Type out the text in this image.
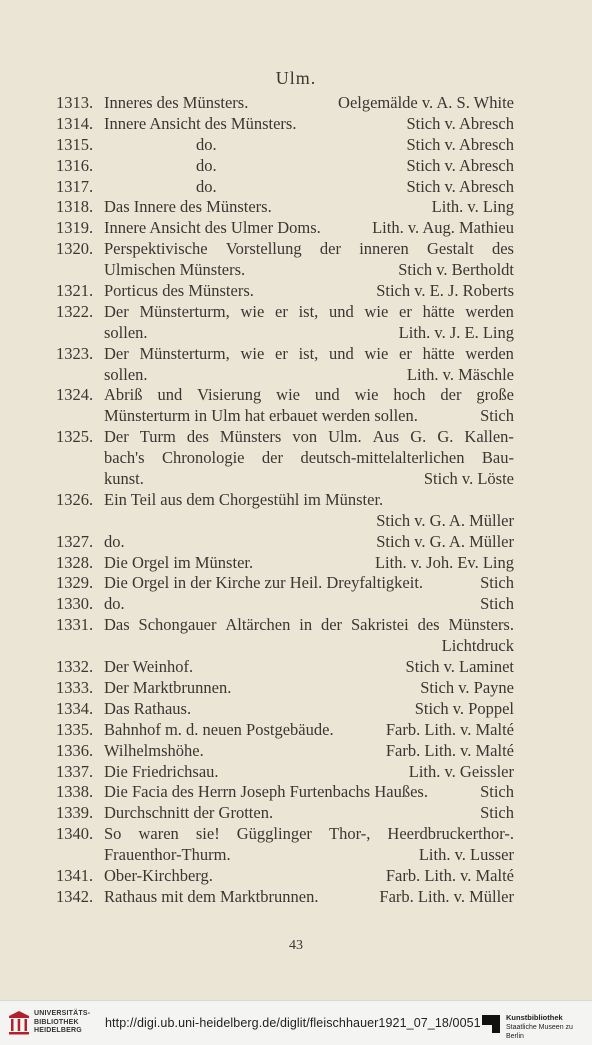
Ulm.
1313. Inneres des Münsters.	Oelgemälde v. A. S. White
1314. Innere Ansicht des Münsters.	Stich v. Abresch
1315.	do.	Stich v. Abresch
1316.	do.	Stich v. Abresch
1317.	do.	Stich v. Abresch
1318. Das Innere des Münsters.	Lith. v. Ling
1319. Innere Ansicht des Ulmer Doms.	Lith. v. Aug. Mathieu
1320. Perspektivische Vorstellung der inneren Gestalt des
Ulmischen Münsters.	Stich v. Bertholdt
1321. Porticus des Münsters.	Stich v. E. J. Roberts
1322. Der Münsterturm, wie er ist, und wie er hätte werden
sollen.	Lith. v. J. E. Ling
1323. Der Münsterturm, wie er ist, und wie er hätte werden
sollen.	Lith. v. Mäschle
1324. Abriß und Visierung wie und wie hoch der große
Münsterturm in Ulm hat erbauet werden sollen.	Stich
1325. Der Turm des Münsters von Ulm. Aus G. G. Kallen-
bach's Chronologie der deutsch-mittelalterlichen Bau-
kunst.	Stich v. Löste
1326. Ein Teil aus dem Chorgestühl im Münster.
Stich v. G. A. Müller
1327. do.	Stich v. G. A. Müller
1328. Die Orgel im Münster.	Lith. v. Joh. Ev. Ling
1329. Die Orgel in der Kirche zur Heil. Dreyfaltigkeit.	Stich
1330. do.	Stich
1331. Das Schongauer Altärchen in der Sakristei des Münsters.
Lichtdruck
1332. Der Weinhof.	Stich v. Laminet
1333. Der Marktbrunnen.	Stich v. Payne
1334. Das Rathaus.	Stich v. Poppel
1335. Bahnhof m. d. neuen Postgebäude.	Farb. Lith. v. Malté
1336. Wilhelmshöhe.	Farb. Lith. v. Malté
1337. Die Friedrichsau.	Lith. v. Geissler
1338. Die Facia des Herrn Joseph Furtenbachs Haußes.	Stich
1339. Durchschnitt der Grotten.	Stich
1340. So waren sie! Gügglinger Thor-, Heerdbruckerthor-.
Frauenthor-Thurm.	Lith. v. Lusser
1341. Ober-Kirchberg.	Farb. Lith. v. Malté
1342. Rathaus mit dem Marktbrunnen.	Farb. Lith. v. Müller
43
UNIVERSITÄTS-
BIBLIOTHEK
HEIDELBERG
http://digi.ub.uni-heidelberg.de/diglit/fleischhauer1921_07_18/0051	Kunstbibliothek
Staatliche Museen zu Berlin
